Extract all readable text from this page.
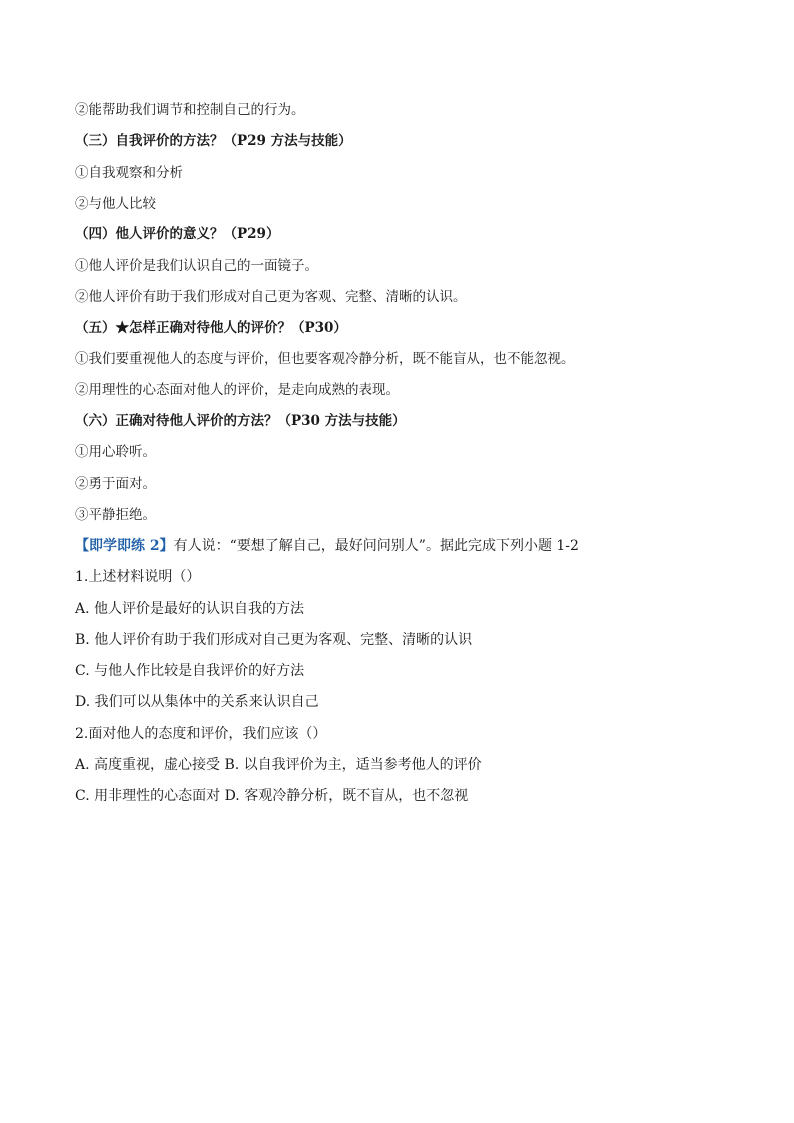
②能帮助我们调节和控制自己的行为。
（三）自我评价的方法？（P29 方法与技能）
①自我观察和分析
②与他人比较
（四）他人评价的意义？（P29）
①他人评价是我们认识自己的一面镜子。
②他人评价有助于我们形成对自己更为客观、完整、清晰的认识。
（五）★怎样正确对待他人的评价？（P30）
①我们要重视他人的态度与评价，但也要客观冷静分析，既不能盲从，也不能忽视。
②用理性的心态面对他人的评价，是走向成熟的表现。
（六）正确对待他人评价的方法？（P30 方法与技能）
①用心聆听。
②勇于面对。
③平静拒绝。
【即学即练 2】有人说：“要想了解自己，最好问问别人”。据此完成下列小题 1-2
1.上述材料说明（）
A. 他人评价是最好的认识自我的方法
B. 他人评价有助于我们形成对自己更为客观、完整、清晰的认识
C. 与他人作比较是自我评价的好方法
D. 我们可以从集体中的关系来认识自己
2.面对他人的态度和评价，我们应该（）
A. 高度重视，虚心接受 B. 以自我评价为主，适当参考他人的评价
C. 用非理性的心态面对 D. 客观冷静分析，既不盲从，也不忽视
